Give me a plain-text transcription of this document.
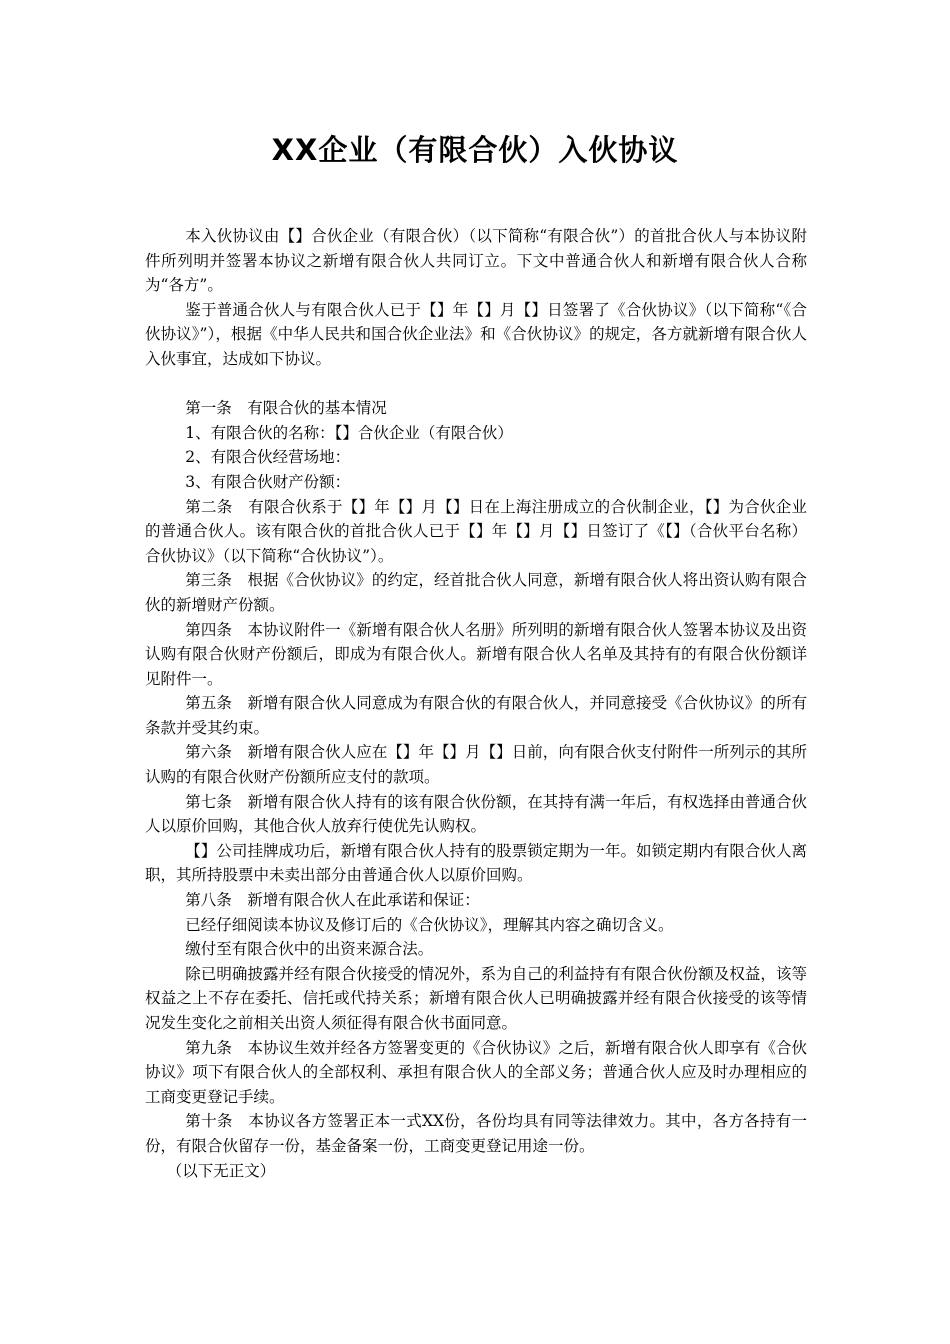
XX企业（有限合伙）入伙协议

本入伙协议由【】合伙企业（有限合伙）（以下简称“有限合伙”）的首批合伙人与本协议附件所列明并签署本协议之新增有限合伙人共同订立。下文中普通合伙人和新增有限合伙人合称为“各方”。

鉴于普通合伙人与有限合伙人已于【】年【】月【】日签署了《合伙协议》（以下简称“《合伙协议》”），根据《中华人民共和国合伙企业法》和《合伙协议》的规定，各方就新增有限合伙人入伙事宜，达成如下协议。

第一条　有限合伙的基本情况

1、有限合伙的名称：【】合伙企业（有限合伙）

2、有限合伙经营场地：

3、有限合伙财产份额：

第二条　有限合伙系于【】年【】月【】日在上海注册成立的合伙制企业，【】为合伙企业的普通合伙人。该有限合伙的首批合伙人已于【】年【】月【】日签订了《【】（合伙平台名称）合伙协议》（以下简称“合伙协议”）。

第三条　根据《合伙协议》的约定，经首批合伙人同意，新增有限合伙人将出资认购有限合伙的新增财产份额。

第四条　本协议附件一《新增有限合伙人名册》所列明的新增有限合伙人签署本协议及出资认购有限合伙财产份额后，即成为有限合伙人。新增有限合伙人名单及其持有的有限合伙份额详见附件一。

第五条　新增有限合伙人同意成为有限合伙的有限合伙人，并同意接受《合伙协议》的所有条款并受其约束。

第六条　新增有限合伙人应在【】年【】月【】日前，向有限合伙支付附件一所列示的其所认购的有限合伙财产份额所应支付的款项。

第七条　新增有限合伙人持有的该有限合伙份额，在其持有满一年后，有权选择由普通合伙人以原价回购，其他合伙人放弃行使优先认购权。

【】公司挂牌成功后，新增有限合伙人持有的股票锁定期为一年。如锁定期内有限合伙人离职，其所持股票中未卖出部分由普通合伙人以原价回购。

第八条　新增有限合伙人在此承诺和保证：

已经仔细阅读本协议及修订后的《合伙协议》，理解其内容之确切含义。

缴付至有限合伙中的出资来源合法。

除已明确披露并经有限合伙接受的情况外，系为自己的利益持有有限合伙份额及权益，该等权益之上不存在委托、信托或代持关系；新增有限合伙人已明确披露并经有限合伙接受的该等情况发生变化之前相关出资人须征得有限合伙书面同意。

第九条　本协议生效并经各方签署变更的《合伙协议》之后，新增有限合伙人即享有《合伙协议》项下有限合伙人的全部权利、承担有限合伙人的全部义务；普通合伙人应及时办理相应的工商变更登记手续。

第十条　本协议各方签署正本一式XX份，各份均具有同等法律效力。其中，各方各持有一份，有限合伙留存一份，基金备案一份，工商变更登记用途一份。

（以下无正文）
